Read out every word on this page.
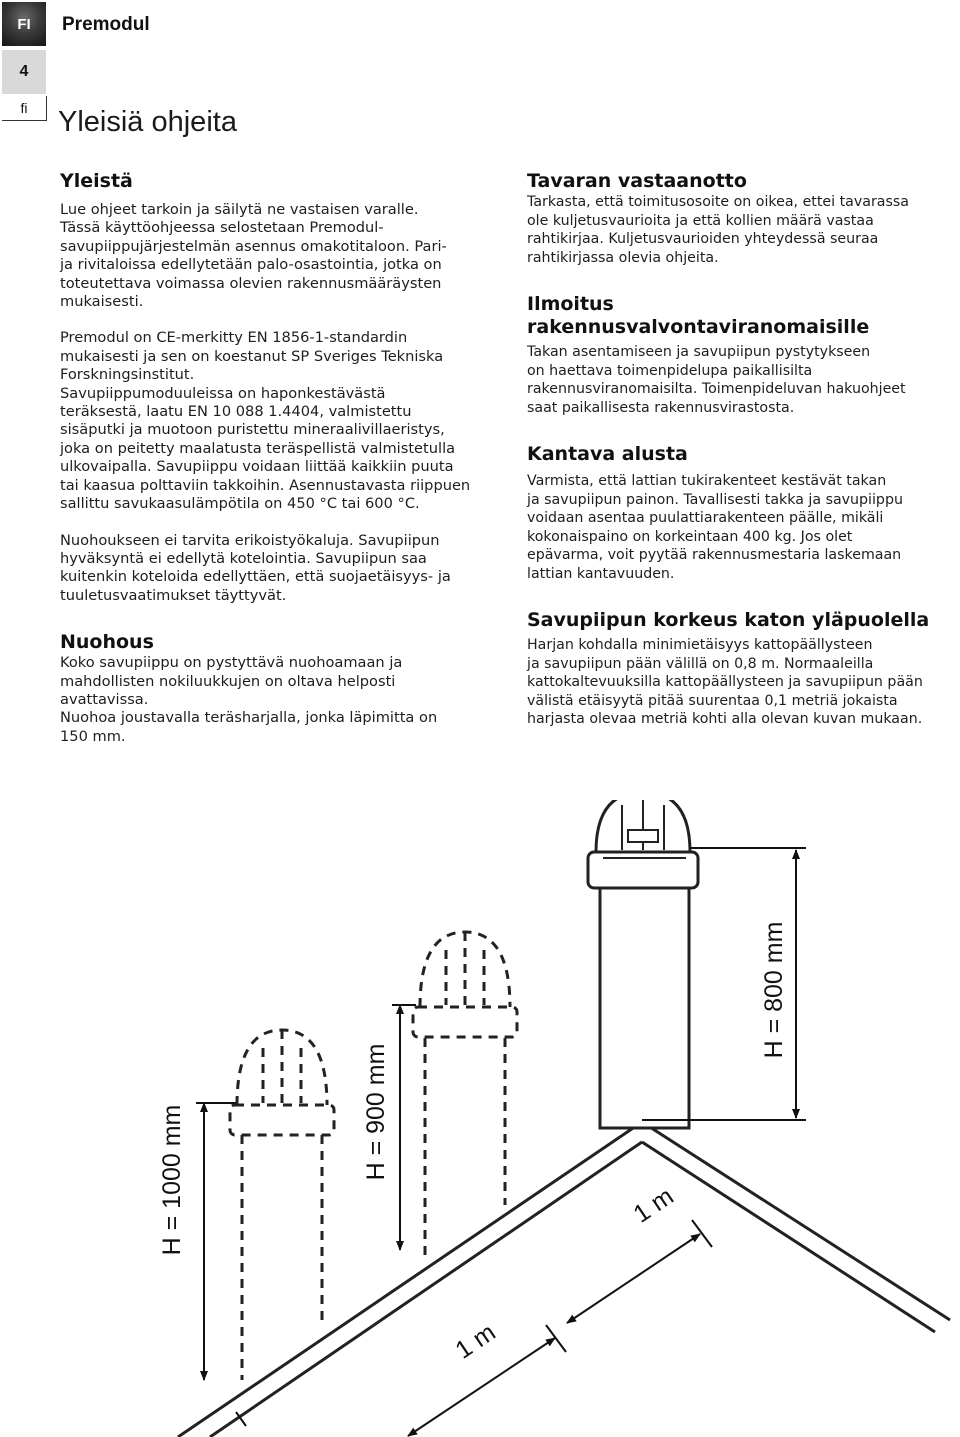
FI
4
fi
Premodul
Yleisiä ohjeita
Yleistä

Lue ohjeet tarkoin ja säilytä ne vastaisen varalle.
Tässä käyttöohjeessa selostetaan Premodul-
savupiippujärjestelmän asennus omakotitaloon. Pari-
ja rivitaloissa edellytetään palo-osastointia, jotka on
toteutettava voimassa olevien rakennusmääräysten
mukaisesti.

Premodul on CE-merkitty EN 1856-1-standardin
mukaisesti ja sen on koestanut SP Sveriges Tekniska
Forskningsinstitut.
Savupiippumoduuleissa on haponkestävästä
teräksestä, laatu EN 10 088 1.4404, valmistettu
sisäputki ja muotoon puristettu mineraalivillaeristys,
joka on peitetty maalatusta teräspellistä valmistetulla
ulkovaipalla. Savupiippu voidaan liittää kaikkiin puuta
tai kaasua polttaviin takkoihin. Asennustavasta riippuen
sallittu savukaasulämpötila on 450 °C tai 600 °C.

Nuohoukseen ei tarvita erikoistyökaluja. Savupiipun
hyväksyntä ei edellytä kotelointia. Savupiipun saa
kuitenkin koteloida edellyttäen, että suojaetäisyys- ja
tuuletusvaatimukset täyttyvät.

Nuohous

Koko savupiippu on pystyttävä nuohoamaan ja
mahdollisten nokiluukkujen on oltava helposti
avattavissa.
Nuohoa joustavalla teräsharjalla, jonka läpimitta on
150 mm.

Tavaran vastaanotto

Tarkasta, että toimitusosoite on oikea, ettei tavarassa
ole kuljetusvaurioita ja että kollien määrä vastaa
rahtikirjaa. Kuljetusvaurioiden yhteydessä seuraa
rahtikirjassa olevia ohjeita.

Ilmoitus
rakennusvalvontaviranomaisille

Takan asentamiseen ja savupiipun pystytykseen
on haettava toimenpidelupa paikallisilta
rakennusviranomaisilta. Toimenpideluvan hakuohjeet
saat paikallisesta rakennusvirastosta.

Kantava alusta

Varmista, että lattian tukirakenteet kestävät takan
ja savupiipun painon. Tavallisesti takka ja savupiippu
voidaan asentaa puulattiarakenteen päälle, mikäli
kokonaispaino on korkeintaan 400 kg. Jos olet
epävarma, voit pyytää rakennusmestaria laskemaan
lattian kantavuuden.

Savupiipun korkeus katon yläpuolella

Harjan kohdalla minimietäisyys kattopäällysteen
ja savupiipun pään välillä on 0,8 m. Normaaleilla
kattokaltevuuksilla kattopäällysteen ja savupiipun pään
välistä etäisyytä pitää suurentaa 0,1 metriä jokaista
harjasta olevaa metriä kohti alla olevan kuvan mukaan.

H = 800 mm
H = 900 mm
H = 1000 mm
1 m
1 m
